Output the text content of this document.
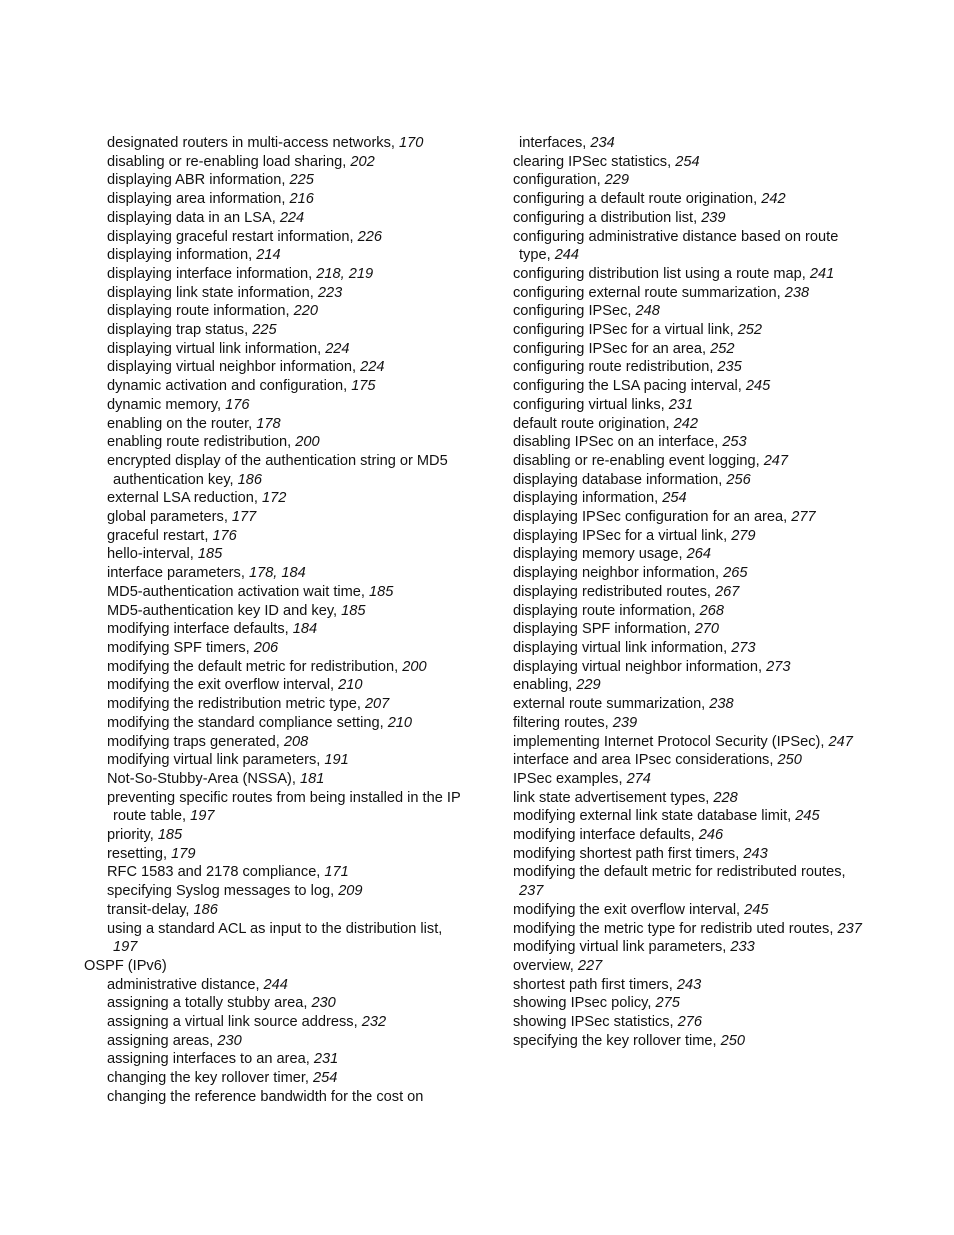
designated routers in multi-access networks, 170
disabling or re-enabling load sharing, 202
displaying ABR information, 225
displaying area information, 216
displaying data in an LSA, 224
displaying graceful restart information, 226
displaying information, 214
displaying interface information, 218, 219
displaying link state information, 223
displaying route information, 220
displaying trap status, 225
displaying virtual link information, 224
displaying virtual neighbor information, 224
dynamic activation and configuration, 175
dynamic memory, 176
enabling on the router, 178
enabling route redistribution, 200
encrypted display of the authentication string or MD5
authentication key, 186
external LSA reduction, 172
global parameters, 177
graceful restart, 176
hello-interval, 185
interface parameters, 178, 184
MD5-authentication activation wait time, 185
MD5-authentication key ID and key, 185
modifying interface defaults, 184
modifying SPF timers, 206
modifying the default metric for redistribution, 200
modifying the exit overflow interval, 210
modifying the redistribution metric type, 207
modifying the standard compliance setting, 210
modifying traps generated, 208
modifying virtual link parameters, 191
Not-So-Stubby-Area (NSSA), 181
preventing specific routes from being installed in the IP
route table, 197
priority, 185
resetting, 179
RFC 1583 and 2178 compliance, 171
specifying Syslog messages to log, 209
transit-delay, 186
using a standard ACL as input to the distribution list,
197
OSPF (IPv6)
administrative distance, 244
assigning a totally stubby area, 230
assigning a virtual link source address, 232
assigning areas, 230
assigning interfaces to an area, 231
changing the key rollover timer, 254
changing the reference bandwidth for the cost on
interfaces, 234
clearing IPSec statistics, 254
configuration, 229
configuring a default route origination, 242
configuring a distribution list, 239
configuring administrative distance based on route
type, 244
configuring distribution list using a route map, 241
configuring external route summarization, 238
configuring IPSec, 248
configuring IPSec for a virtual link, 252
configuring IPSec for an area, 252
configuring route redistribution, 235
configuring the LSA pacing interval, 245
configuring virtual links, 231
default route origination, 242
disabling IPSec on an interface, 253
disabling or re-enabling event logging, 247
displaying database information, 256
displaying information, 254
displaying IPSec configuration for an area, 277
displaying IPSec for a virtual link, 279
displaying memory usage, 264
displaying neighbor information, 265
displaying redistributed routes, 267
displaying route information, 268
displaying SPF information, 270
displaying virtual link information, 273
displaying virtual neighbor information, 273
enabling, 229
external route summarization, 238
filtering routes, 239
implementing Internet Protocol Security (IPSec), 247
interface and area IPsec considerations, 250
IPSec examples, 274
link state advertisement types, 228
modifying external link state database limit, 245
modifying interface defaults, 246
modifying shortest path first timers, 243
modifying the default metric for redistributed routes,
237
modifying the exit overflow interval, 245
modifying the metric type for redistrib uted routes, 237
modifying virtual link parameters, 233
overview, 227
shortest path first timers, 243
showing IPsec policy, 275
showing IPSec statistics, 276
specifying the key rollover time, 250
